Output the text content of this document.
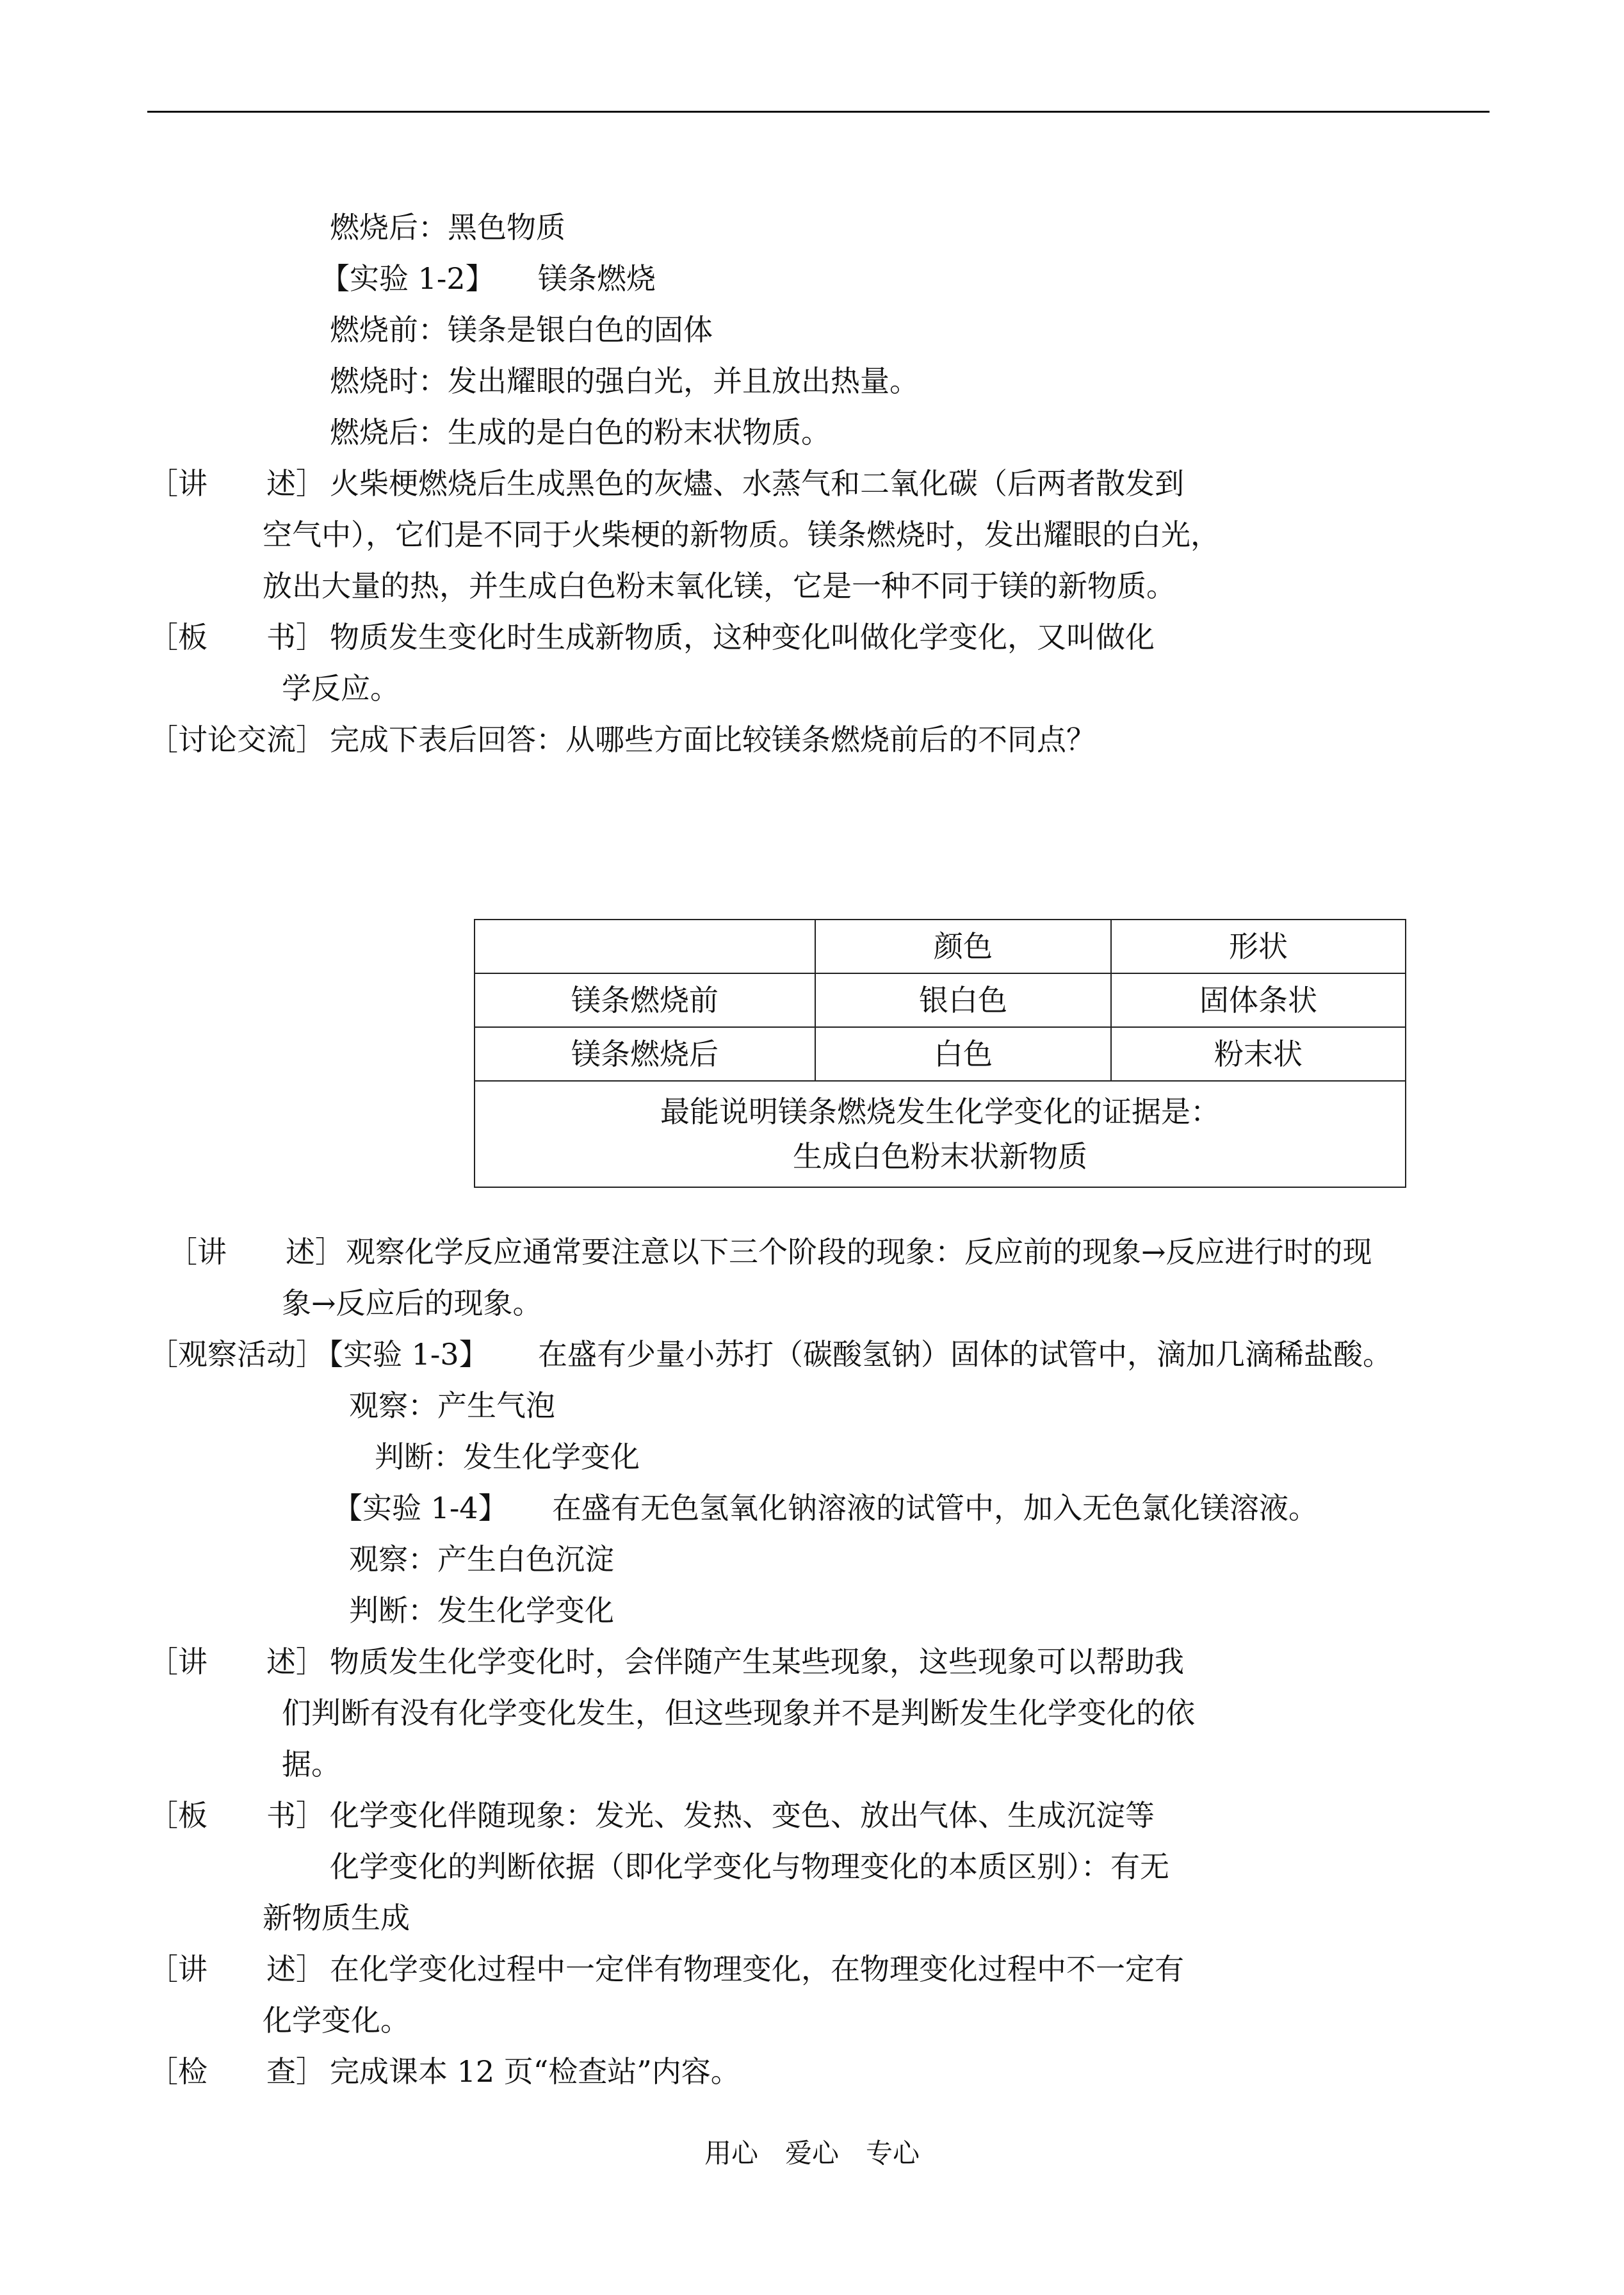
燃烧后：黑色物质
【实验 1-2】 镁条燃烧
燃烧前：镁条是银白色的固体
燃烧时：发出耀眼的强白光，并且放出热量。
燃烧后：生成的是白色的粉末状物质。
［讲　　述］ 火柴梗燃烧后生成黑色的灰燼、水蒸气和二氧化碳（后两者散发到
空气中），它们是不同于火柴梗的新物质。镁条燃烧时，发出耀眼的白光，
放出大量的热，并生成白色粉末氧化镁，它是一种不同于镁的新物质。
［板　　书］ 物质发生变化时生成新物质，这种变化叫做化学变化，又叫做化
学反应。
［讨论交流］ 完成下表后回答：从哪些方面比较镁条燃烧前后的不同点？
	颜色	形状
镁条燃烧前	银白色	固体条状
镁条燃烧后	白色	粉末状

最能说明镁条燃烧发生化学变化的证据是：
生成白色粉末状新物质		
［讲　　述］ 观察化学反应通常要注意以下三个阶段的现象：反应前的现象→反应进行时的现
象→反应后的现象。
［观察活动］
【实验 1-3】 在盛有少量小苏打（碳酸氢钠）固体的试管中，滴加几滴稀盐酸。
观察：产生气泡
判断：发生化学变化
【实验 1-4】 在盛有无色氢氧化钠溶液的试管中，加入无色氯化镁溶液。
观察：产生白色沉淀
判断：发生化学变化
［讲　　述］ 物质发生化学变化时，会伴随产生某些现象，这些现象可以帮助我
们判断有没有化学变化发生，但这些现象并不是判断发生化学变化的依
据。
［板　　书］ 化学变化伴随现象：发光、发热、变色、放出气体、生成沉淀等
化学变化的判断依据（即化学变化与物理变化的本质区别）：有无
新物质生成
［讲　　述］ 在化学变化过程中一定伴有物理变化，在物理变化过程中不一定有
化学变化。
［检　　查］ 完成课本 12 页“检查站”内容。
用心　爱心　专心
